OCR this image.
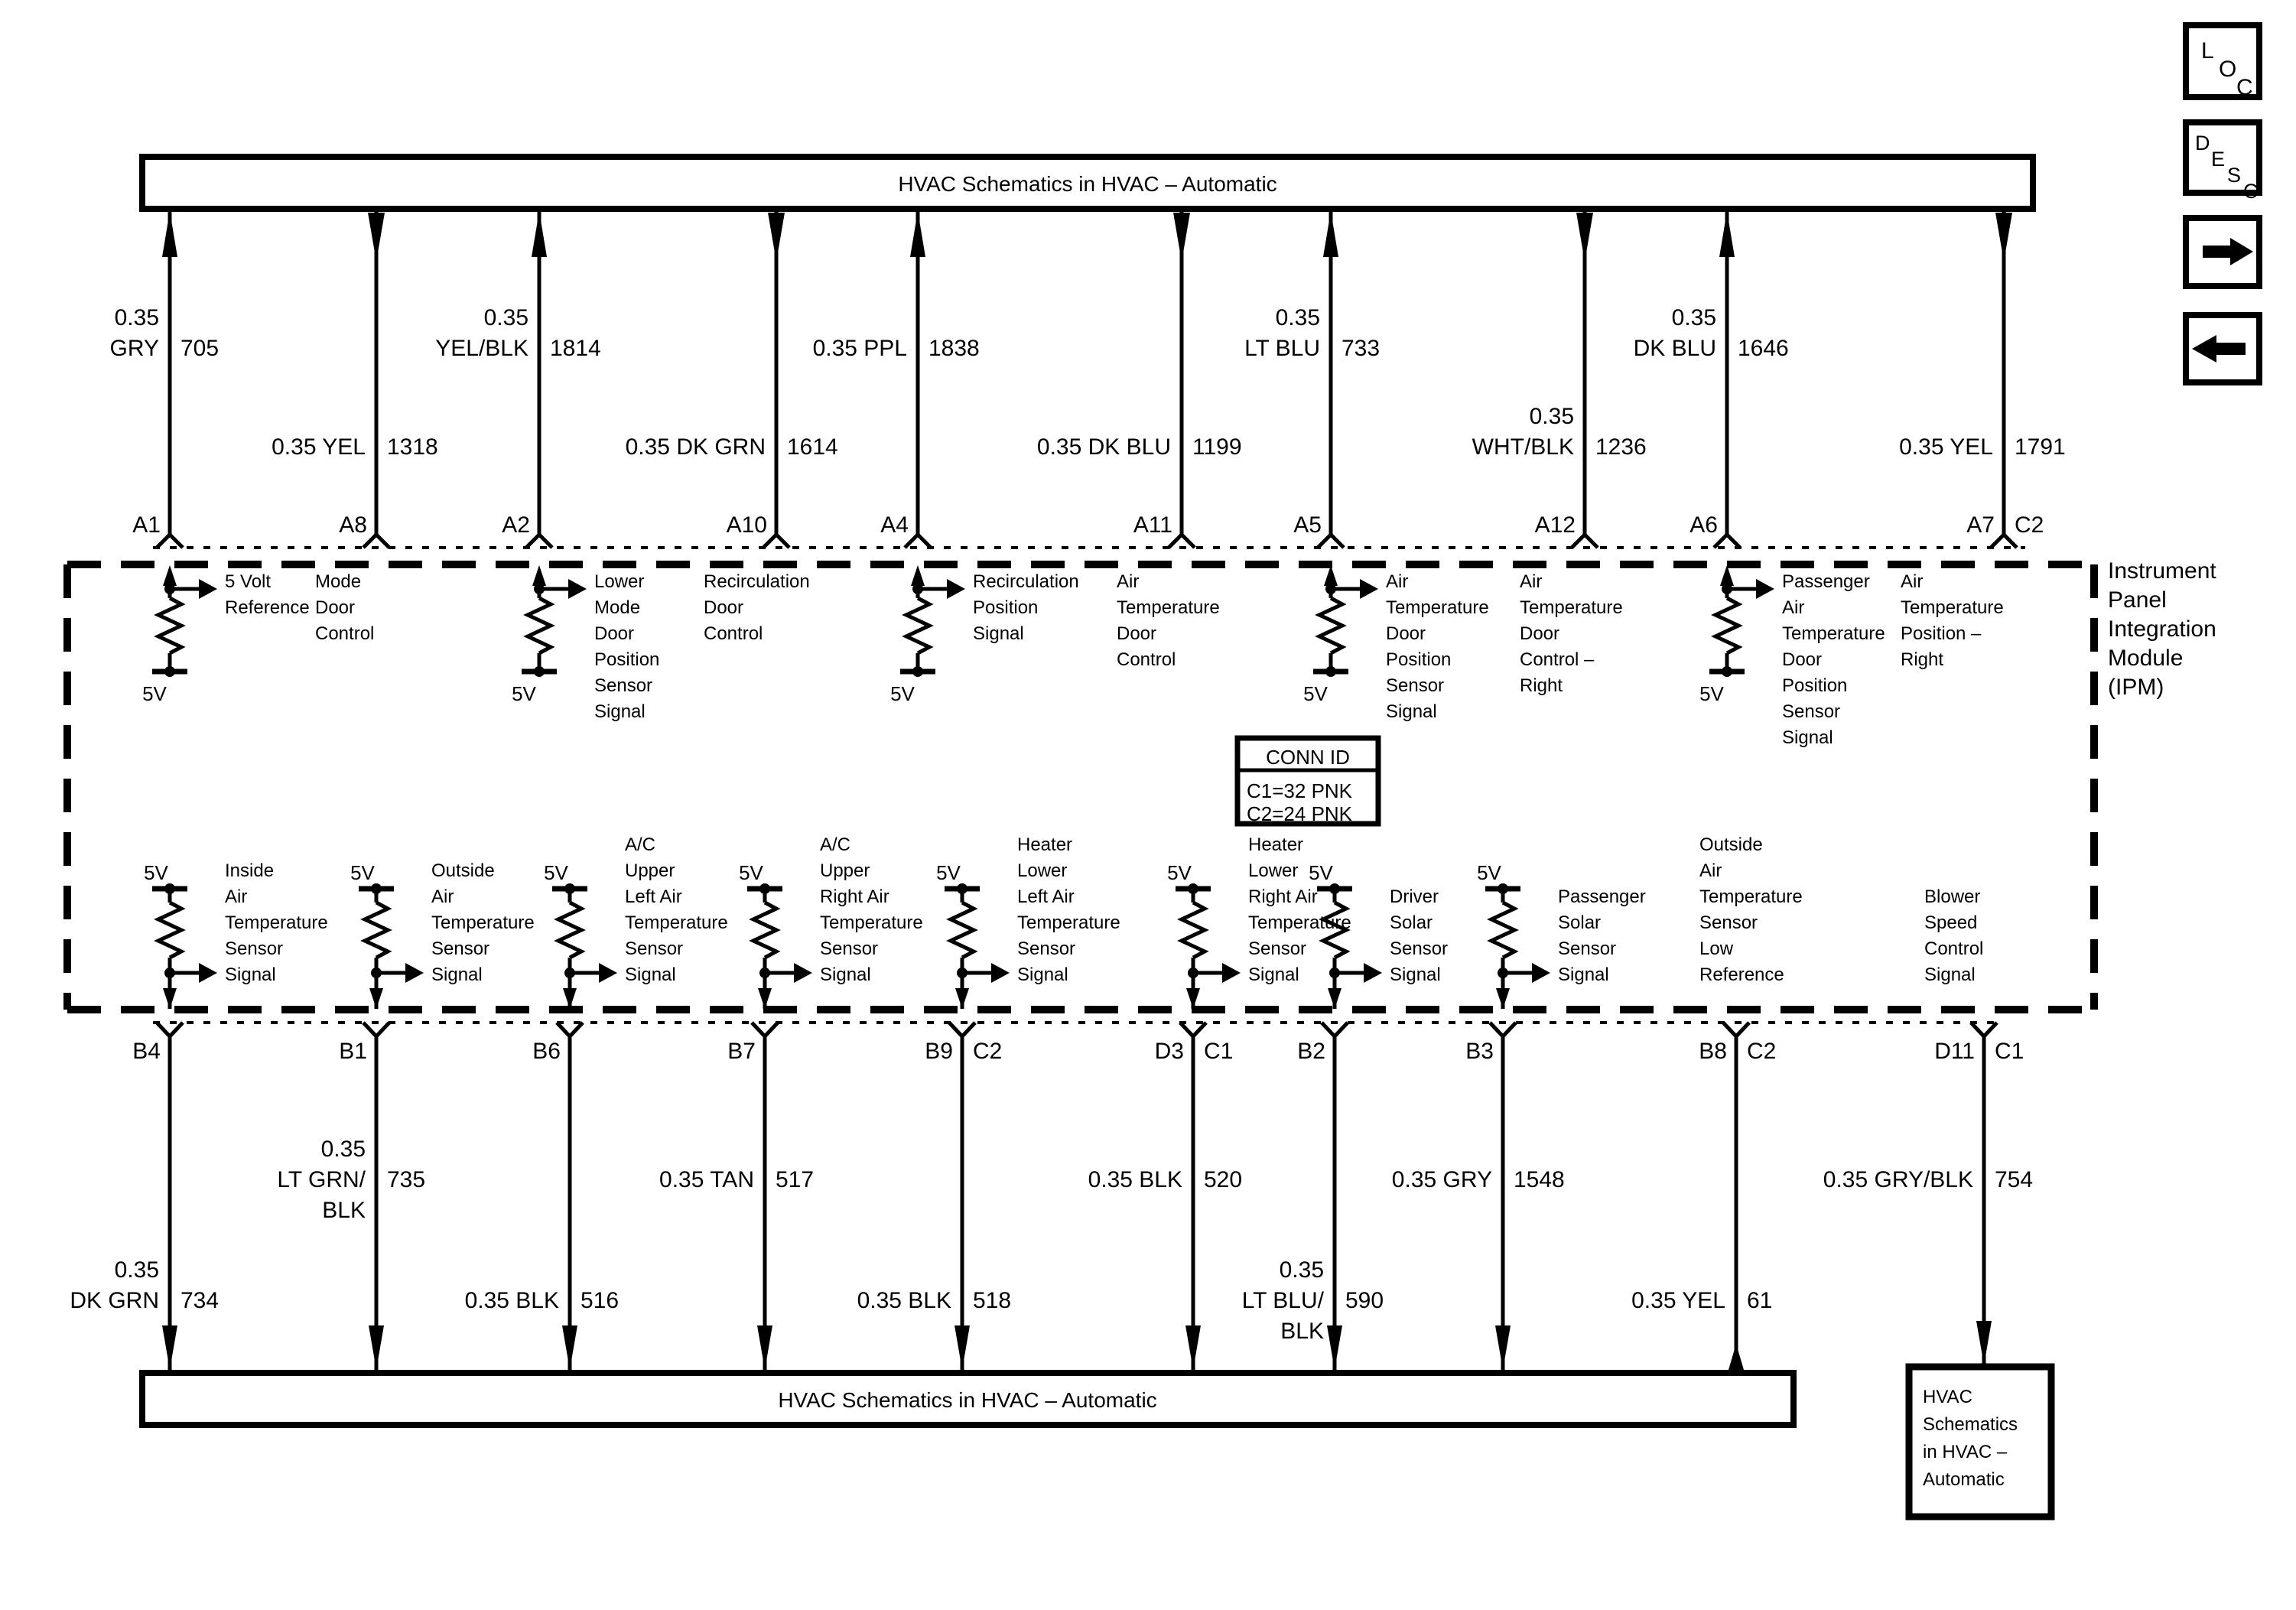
HVAC Schematics in HVAC – Automatic
HVAC Schematics in HVAC – Automatic	HVAC
Schematics
in HVAC –
Automatic
Instrument
Panel
Integration
Module
(IPM)
CONN ID
C1=32 PNK
C2=24 PNK
L
O
C
D
E
S
C
A1
0.35
GRY 705
5V
5 Volt
Reference
A8
0.35 YEL 1318
Mode
Door
Control
A2
0.35
YEL/BLK 1814
5V
Lower
Mode
Door
Position
Sensor
Signal
A10
0.35 DK GRN 1614
Recirculation
Door
Control
A4
0.35 PPL 1838
5V
Recirculation
Position
Signal
A11
0.35 DK BLU 1199
Air
Temperature
Door
Control
A5
0.35
LT BLU 733
5V
Air
Temperature
Door
Position
Sensor
Signal
A12
0.35
WHT/BLK 1236
Air
Temperature
Door
Control –
Right
A6
0.35
DK BLU 1646
5V
Passenger
Air
Temperature
Door
Position
Sensor
Signal
A7 C2
0.35 YEL 1791
Air
Temperature
Position –
Right
B4
0.35
DK GRN 734
5V	Inside
Air
Temperature
Sensor
Signal
B1
0.35
LT GRN/
BLK
735
5V	Outside
Air
Temperature
Sensor
Signal
B6
0.35 BLK 516
5V
A/C
Upper
Left Air
Temperature
Sensor
Signal
B7
0.35 TAN 517
5V
A/C
Upper
Right Air
Temperature
Sensor
Signal
B9 C2
0.35 BLK 518
5V
Heater
Lower
Left Air
Temperature
Sensor
Signal
D3 C1
0.35 BLK 520
5V
Heater
Lower
Right Air
Temperature
Sensor
Signal
B2
0.35
LT BLU/
BLK
590
5V
Driver
Solar
Sensor
Signal
B3
0.35 GRY 1548
5V
Passenger
Solar
Sensor
Signal
B8 C2
0.35 YEL 61
Outside
Air
Temperature
Sensor
Low
Reference
D11 C1
0.35 GRY/BLK 754
Blower
Speed
Control
Signal
